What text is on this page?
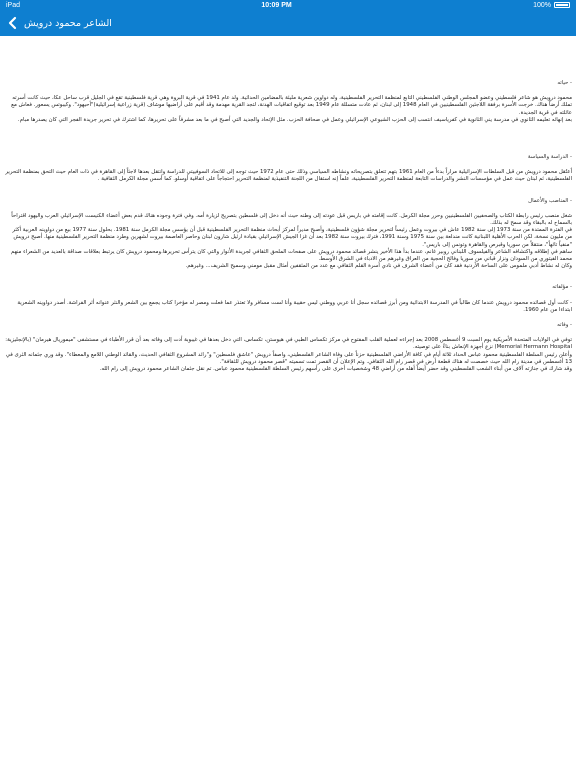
iPad	10:09 PM	100%
الشاعر محمود درويش
- حياته
محمود درويش هو شاعر فلسطيني وعضو المجلس الوطني الفلسطيني التابع لمنظمة التحرير الفلسطينية، وله دواوين شعرية مليئة بالمضامين الحداثية. ولد عام 1941 في قرية البروة وهي قرية فلسطينية تقع في الجليل قرب ساحل عكا، حيث كانت أسرته تملك أرضاً هناك. خرجت الأسرة برفقة اللاجئين الفلسطينيين في العام 1948 إلى لبنان، ثم عادت متسللة عام 1949 بعد توقيع اتفاقيات الهدنة، لتجد القرية مهدمة وقد أقيم على أراضيها موشاف (قرية زراعية إسرائيلية)"أحيهود". وكيبوتس يسعور. فعاش مع عائلته في قرية الجديدة.
بعد إنهائه تعليمه الثانوي في مدرسة يني الثانوية في كفرياسيف انتسب إلى الحزب الشيوعي الإسرائيلي وعمل في صحافة الحزب. مثل الإتحاد والجديد التي أصبح في ما بعد مشرفاً على تحريرها، كما اشترك في تحرير جريدة الفجر التي كان يصدرها مبام.
- الدراسة والسياسة
اُعتُقل محمود درويش من قبل السلطات الإسرائيلية مراراً بدءاً من العام 1961 بتهم تتعلق بتصريحاته ونشاطه السياسي وذلك حتى عام 1972 حيث توجه إلى للاتحاد السوفييتي للدراسة وانتقل بعدها لاجئاً إلى القاهرة في ذات العام حيث التحق بمنظمة التحرير الفلسطينية، ثم لبنان حيث عمل في مؤسسات النشر والدراسات التابعة لمنظمة التحرير الفلسطينية، علماً إنه استقال من اللجنة التنفيذية لمنظمة التحرير احتجاجاً على اتفاقية أوسلو. كما أسس مجلة الكرمل الثقافية .
- المناصب والأعمال
شغل منصب رئيس رابطة الكتاب والصحفيين الفلسطينيين وحرر مجلة الكرمل. كانت إقامته في باريس قبل عودته إلى وطنه حيث أنه دخل إلى فلسطين بتصريح لزيارة أمه. وفي فترة وجوده هناك قدم بعض أعضاء الكنيست الإسرائيلي العرب واليهود اقتراحاً بالسماح له بالبقاء وقد سمح له بذلك.
في الفترة الممتدة من سنة 1973 إلى سنة 1982 عاش في بيروت وعمل رئيساً لتحرير مجلة شؤون فلسطينية، وأصبح مديراً لمركز أبحاث منظمة التحرير الفلسطينية قبل أن يؤسس مجلة الكرمل سنة 1981. بحلول سنة 1977 بيع من دواوينه العربية أكثر من مليون نسخة، لكن الحرب الأهلية اللبنانية كانت مندلعة بين سنة 1975 وسنة 1991، فترك بيروت سنة 1982 بعد أن غزا الجيش الإسرائيلي بقيادة ارئيل شارون لبنان وحاصر العاصمة بيروت لشهرين وطرد منظمة التحرير الفلسطينية منها. أصبح درويش "منفياً تائهاً"، منتقلاً من سوريا وقبرص والقاهرة وتونس إلى باريس".
ساهم في إطلاقه واكتشافه الشاعر والفيلسوف اللبناني روبير غانم، عندما بدأ هذا الأخير ينشر قصائد محمود درويش على صفحات الملحق الثقافي لجريدة الأنوار والتي كان يترأس تحريرها.ومحمود درويش كان يرتبط بعلاقات صداقة بالعديد من الشعراء منهم محمد الفيتوري من السودان ونزار قباني من سوريا وفالح الحجية من العراق وغيرهم من الادباء في الشرق الأوسط.
وكان له نشاط أدبي ملموس على الساحة الأردنية فقد كان من أعضاء الشرف في نادي أسرة القلم الثقافي مع عدد من المثقفين أمثال مقبل مومني وسميح الشريف... وغيرهم.
- مؤلفاته
- كانت أول قصائده محمود درويش عندما كان طالباً في المدرسة الابتدائية ومن أبرز قصائده سجل أنا عربي ووطني ليس حقيبة وأنا لست مسافر ولا تعتذر عما فعلت ومصر له مؤخرا كتاب يجمع بين الشعر والنثر عنوانه أثر الفراشة. أصدر دواوينه الشعرية ابتداءا من عام 1960.
- وفاته
توفي في الولايات المتحدة الأمريكية يوم السبت 9 أغسطس 2008 بعد إجراءه لعملية القلب المفتوح في مركز تكساس الطبي في هيوستن، تكساس، التي دخل بعدها في غيبوبة أدت إلى وفاته بعد أن قرر الأطباء في مستشفى "ميموريال هيرمان" (بالإنجليزية: Memorial Hermann Hospital) نزع أجهزة الإنعاش بناءً على توصيته.
وأعلن رئيس السلطة الفلسطينية محمود عباس الحداد ثلاثة أيام في كافة الأراضي الفلسطينية حزناً على وفاة الشاعر الفلسطيني، واصفاً درويش "عاشق فلسطين" و"رائد المشروع الثقافي الحديث، والقائد الوطني اللامع والمعطاء". وقد وري جثمانه الثرى في 13 أغسطس في مدينة رام الله حيث خصصت له هناك قطعة أرض في قصر رام الله الثقافي. وتم الإعلان أن القصر تمت تسميته "قصر محمود درويش للثقافة".
وقد شارك في جنازته آلاف من أبناء الشعب الفلسطيني وقد حضر أيضاً أهله من أراضي 48 وشخصيات أخرى على رأسهم رئيس السلطة الفلسطينية محمود عباس. تم نقل جثمان الشاعر محمود درويش إلى رام الله.
